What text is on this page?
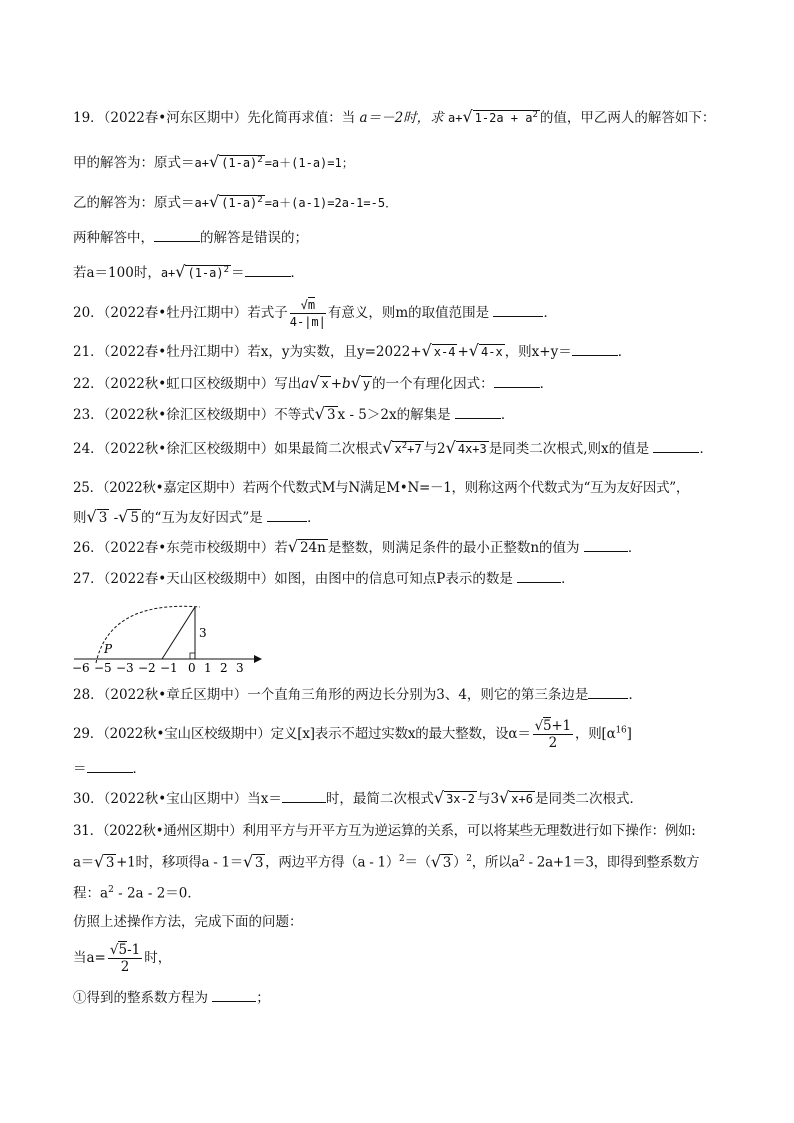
19．（2022春•河东区期中）先化简再求值：当 a＝－2时，求 a+√ $1-2a + a^2$ 的值，甲乙两人的解答如下：
甲的解答为：原式＝a+√ $(1-a)^2 =a+(1-a)=1$；
乙的解答为：原式＝a+√ $(1-a)^2 =a+(a-1)=2a-1=-5$．
两种解答中，	的解答是错误的；
若a＝100时，a+√ $(1-a)^2$ ＝	．
20．（2022春•牡丹江期中）若式子 $\frac{√m}{4-|m|}$ 有意义，则m的取值范围是	．
21．（2022春•牡丹江期中）若x，y为实数，且y=2022+√ x-4 +√ 4-x ，则x+y＝	．
22．（2022秋•虹口区校级期中）写出a√ x +b√ y 的一个有理化因式：	．
23．（2022秋•徐汇区校级期中）不等式√ 3 x - 5＞2x的解集是	．
24．（2022秋•徐汇区校级期中）如果最简二次根式√ $x^2+7$ 与2√ 4x+3 是同类二次根式,则x的值是	．
25．（2022秋•嘉定区期中）若两个代数式M与N满足M•N=－1，则称这两个代数式为“互为友好因式”，
则√ 3 -√ 5 的“互为友好因式”是	．
26．（2022春•东莞市校级期中）若√ 24n 是整数，则满足条件的最小正整数n的值为	．
27．（2022春•天山区校级期中）如图，由图中的信息可知点P表示的数是	．
P
3
−6 −5 −3 −2 −1 0 1 2 3
28．（2022秋•章丘区期中）一个直角三角形的两边长分别为3、4，则它的第三条边是	．
29．（2022秋•宝山区校级期中）定义[x]表示不超过实数x的最大整数，设$\alpha= \frac{√5+1}{2}$ ，则$[\alpha^{16}]$
＝	．
30．（2022秋•宝山区期中）当x＝	时，最简二次根式√ 3x-2 与3√ x+6 是同类二次根式．
31．（2022秋•通州区期中）利用平方与开平方互为逆运算的关系，可以将某些无理数进行如下操作：例如:
a＝√ 3 +1时，移项得a - 1＝√ 3 ，两边平方得（a - 1）$^2$＝（√ 3 ）$^2$，所以$a^2 - 2a+1=3$，即得到整系数方
程：$a^2 - 2a - 2=0$．
仿照上述操作方法，完成下面的问题：
当$a= \frac{√5-1}{2}$ 时，
①得到的整系数方程为	；
